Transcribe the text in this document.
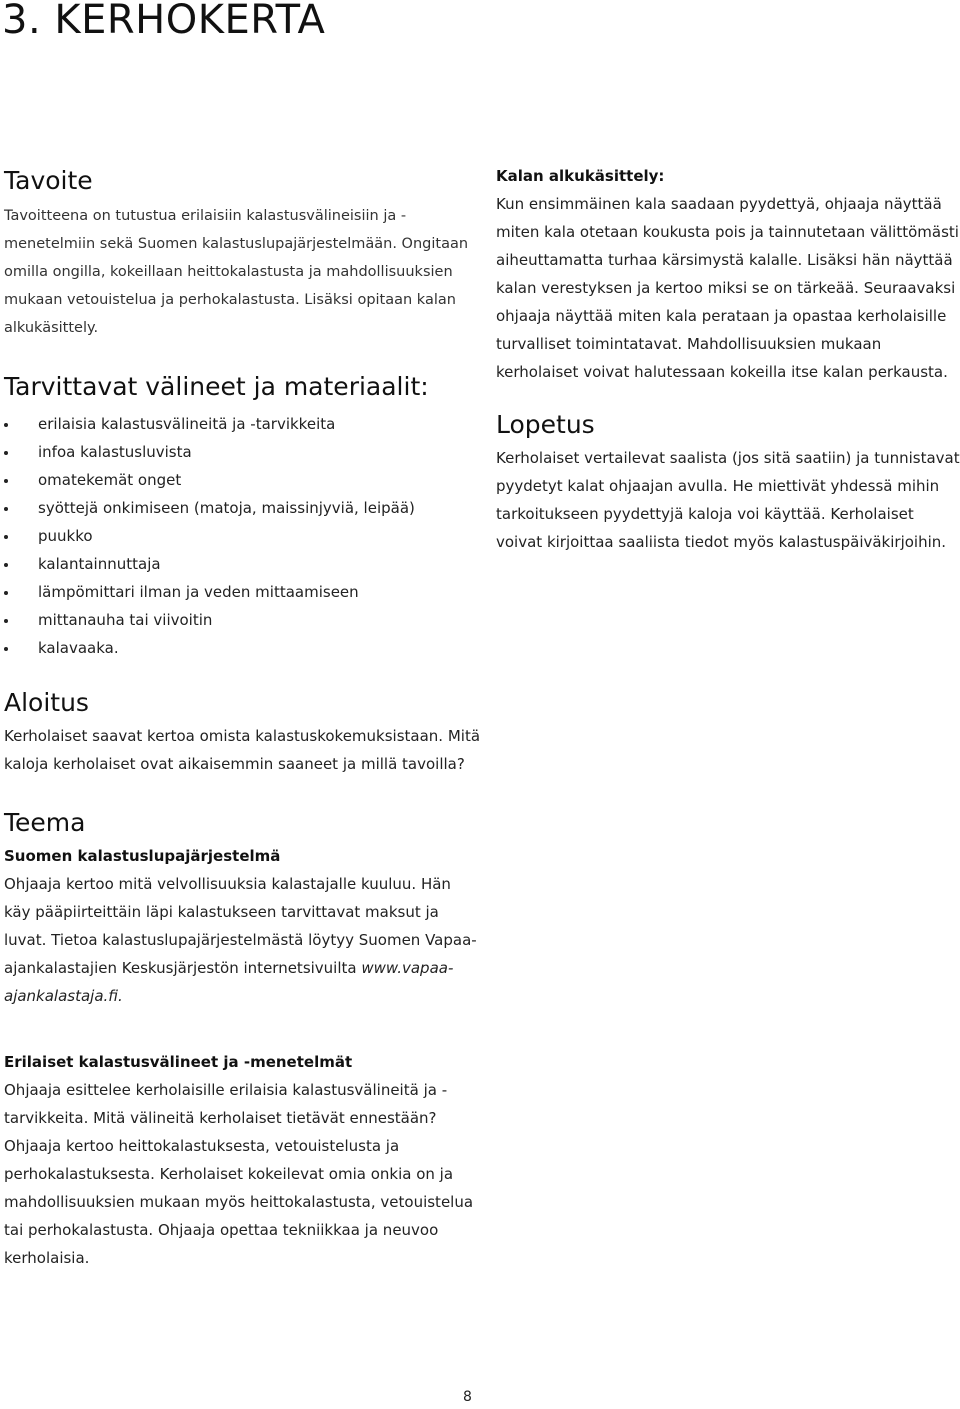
3. KERHOKERTA
Tavoite

Tavoitteena on tutustua erilaisiin kalastusvälineisiin ja -menetelmiin sekä Suomen kalastuslupajärjestelmään. Ongitaan omilla ongilla, kokeillaan heittokalastusta ja mahdollisuuksien mukaan vetouistelua ja perhokalastusta. Lisäksi opitaan kalan alkukäsittely.

Tarvittavat välineet ja materiaalit:
erilaisia kalastusvälineitä ja -tarvikkeita
infoa kalastusluvista
omatekemät onget
syöttejä onkimiseen (matoja, maissinjyviä, leipää)
puukko
kalantainnuttaja
lämpömittari ilman ja veden mittaamiseen
mittanauha tai viivoitin
kalavaaka.
Aloitus

Kerholaiset saavat kertoa omista kalastuskokemuksistaan. Mitä kaloja kerholaiset ovat aikaisemmin saaneet ja millä tavoilla?

Teema

Suomen kalastuslupajärjestelmä

Ohjaaja kertoo mitä velvollisuuksia kalastajalle kuuluu. Hän käy pääpiirteittäin läpi kalastukseen tarvittavat maksut ja luvat. Tietoa kalastuslupajärjestelmästä löytyy Suomen Vapaa-ajankalastajien Keskusjärjestön internetsivuilta www.vapaa-ajankalastaja.fi.

Erilaiset kalastusvälineet ja -menetelmät

Ohjaaja esittelee kerholaisille erilaisia kalastusvälineitä ja -tarvikkeita. Mitä välineitä kerholaiset tietävät ennestään? Ohjaaja kertoo heittokalastuksesta, vetouistelusta ja perhokalastuksesta. Kerholaiset kokeilevat omia onkia on ja mahdollisuuksien mukaan myös heittokalastusta, vetouistelua tai perhokalastusta. Ohjaaja opettaa tekniikkaa ja neuvoo kerholaisia.

Kalan alkukäsittely:

Kun ensimmäinen kala saadaan pyydettyä, ohjaaja näyttää miten kala otetaan koukusta pois ja tainnutetaan välittömästi aiheuttamatta turhaa kärsimystä kalalle. Lisäksi hän näyttää kalan verestyksen ja kertoo miksi se on tärkeää. Seuraavaksi ohjaaja näyttää miten kala perataan ja opastaa kerholaisille turvalliset toimintatavat. Mahdollisuuksien mukaan kerholaiset voivat halutessaan kokeilla itse kalan perkausta.

Lopetus

Kerholaiset vertailevat saalista (jos sitä saatiin) ja tunnistavat pyydetyt kalat ohjaajan avulla. He miettivät yhdessä mihin tarkoitukseen pyydettyjä kaloja voi käyttää. Kerholaiset voivat kirjoittaa saaliista tiedot myös kalastuspäiväkirjoihin.

8
